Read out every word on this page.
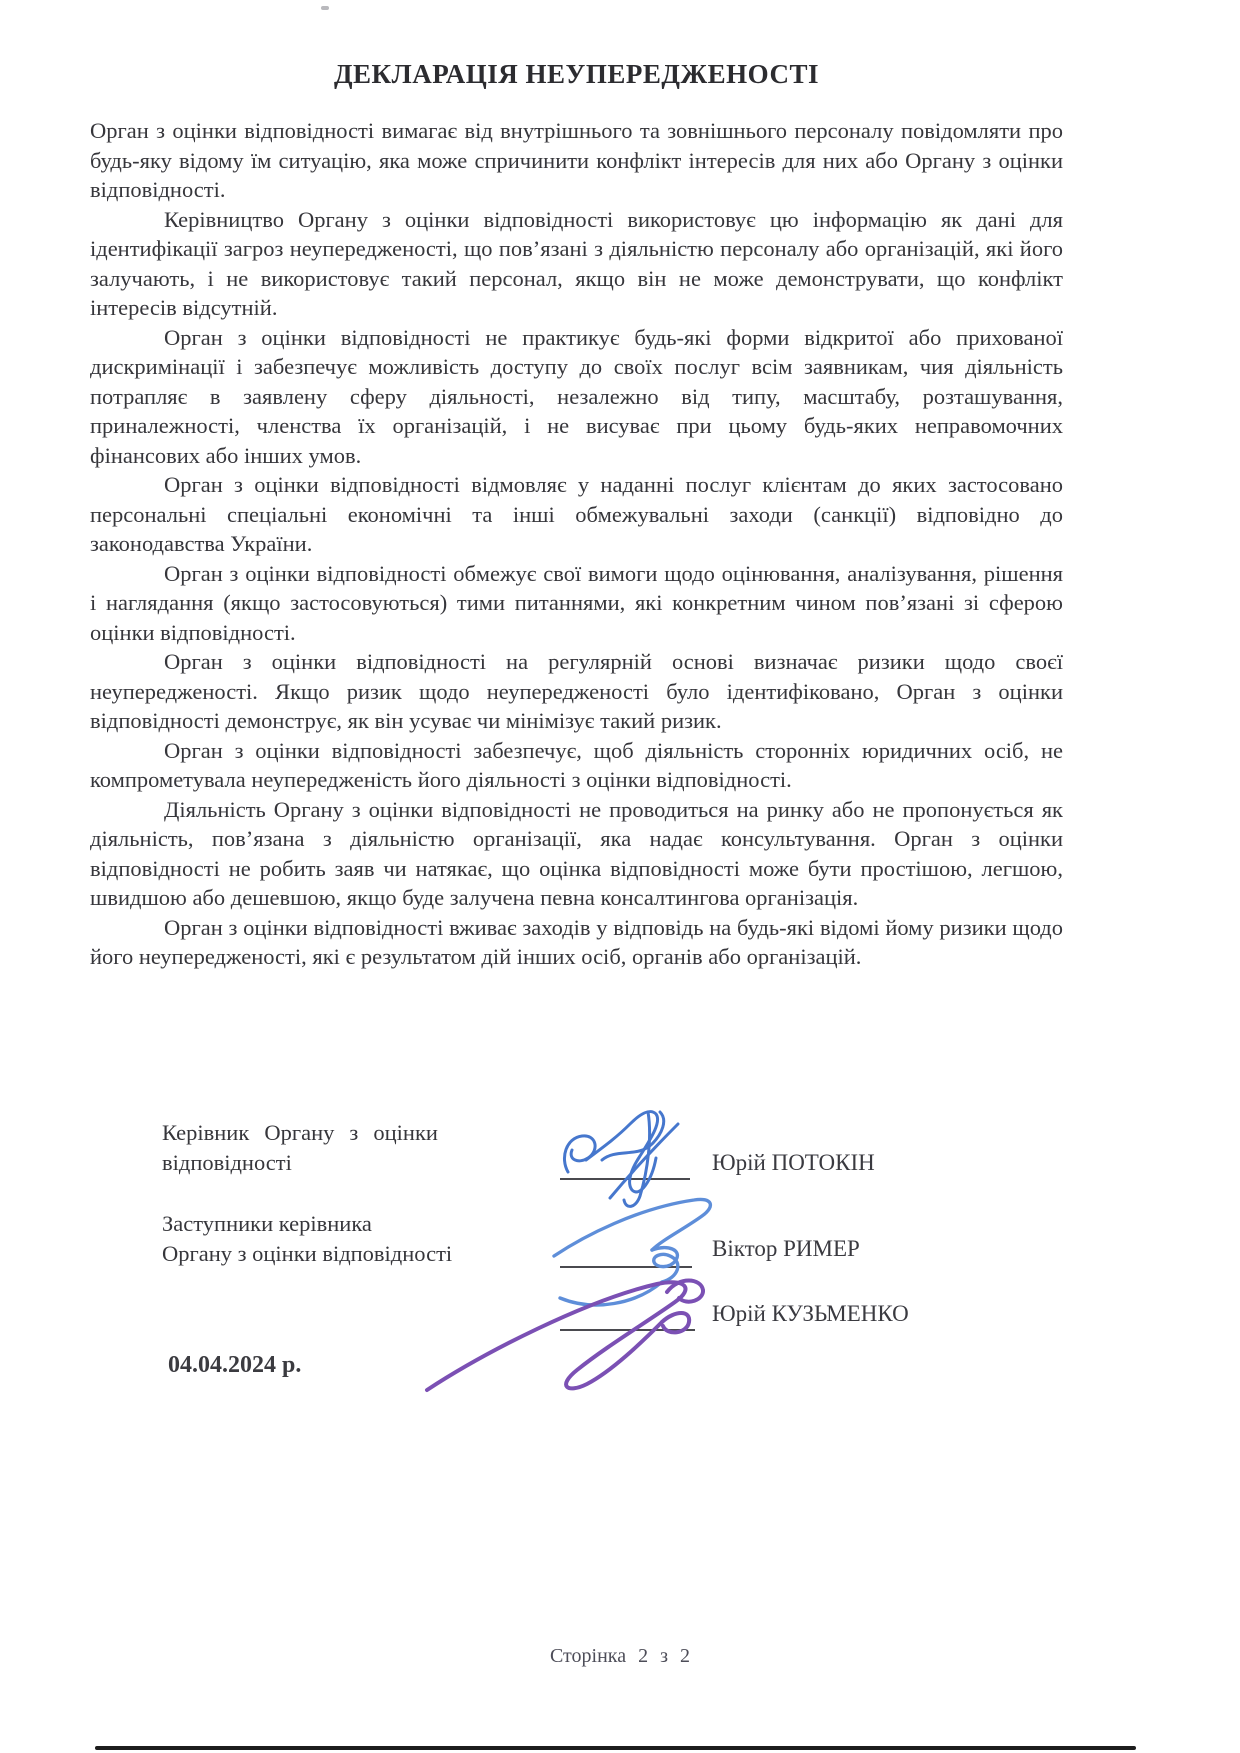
ДЕКЛАРАЦІЯ НЕУПЕРЕДЖЕНОСТІ

Орган з оцінки відповідності вимагає від внутрішнього та зовнішнього персоналу повідомляти про будь-яку відому їм ситуацію, яка може спричинити конфлікт інтересів для них або Органу з оцінки відповідності.

Керівництво Органу з оцінки відповідності використовує цю інформацію як дані для ідентифікації загроз неупередженості, що пов’язані з діяльністю персоналу або організацій, які його залучають, і не використовує такий персонал, якщо він не може демонструвати, що конфлікт інтересів відсутній.

Орган з оцінки відповідності не практикує будь-які форми відкритої або прихованої дискримінації і забезпечує можливість доступу до своїх послуг всім заявникам, чия діяльність потрапляє в заявлену сферу діяльності, незалежно від типу, масштабу, розташування, приналежності, членства їх організацій, і не висуває при цьому будь-яких неправомочних фінансових або інших умов.

Орган з оцінки відповідності відмовляє у наданні послуг клієнтам до яких застосовано персональні спеціальні економічні та інші обмежувальні заходи (санкції) відповідно до законодавства України.

Орган з оцінки відповідності обмежує свої вимоги щодо оцінювання, аналізування, рішення і наглядання (якщо застосовуються) тими питаннями, які конкретним чином пов’язані зі сферою оцінки відповідності.

Орган з оцінки відповідності на регулярній основі визначає ризики щодо своєї неупередженості. Якщо ризик щодо неупередженості було ідентифіковано, Орган з оцінки відповідності демонструє, як він усуває чи мінімізує такий ризик.

Орган з оцінки відповідності забезпечує, щоб діяльність сторонніх юридичних осіб, не компрометувала неупередженість його діяльності з оцінки відповідності.

Діяльність Органу з оцінки відповідності не проводиться на ринку або не пропонується як діяльність, пов’язана з діяльністю організації, яка надає консультування. Орган з оцінки відповідності не робить заяв чи натякає, що оцінка відповідності може бути простішою, легшою, швидшою або дешевшою, якщо буде залучена певна консалтингова організація.

Орган з оцінки відповідності вживає заходів у відповідь на будь-які відомі йому ризики щодо його неупередженості, які є результатом дій інших осіб, органів або організацій.

Керівник Органу з оцінки
відповідності
Заступники керівника
Органу з оцінки відповідності
Юрій ПОТОКІН
Віктор РИМЕР
Юрій КУЗЬМЕНКО
04.04.2024 р.
Сторінка 2 з 2
